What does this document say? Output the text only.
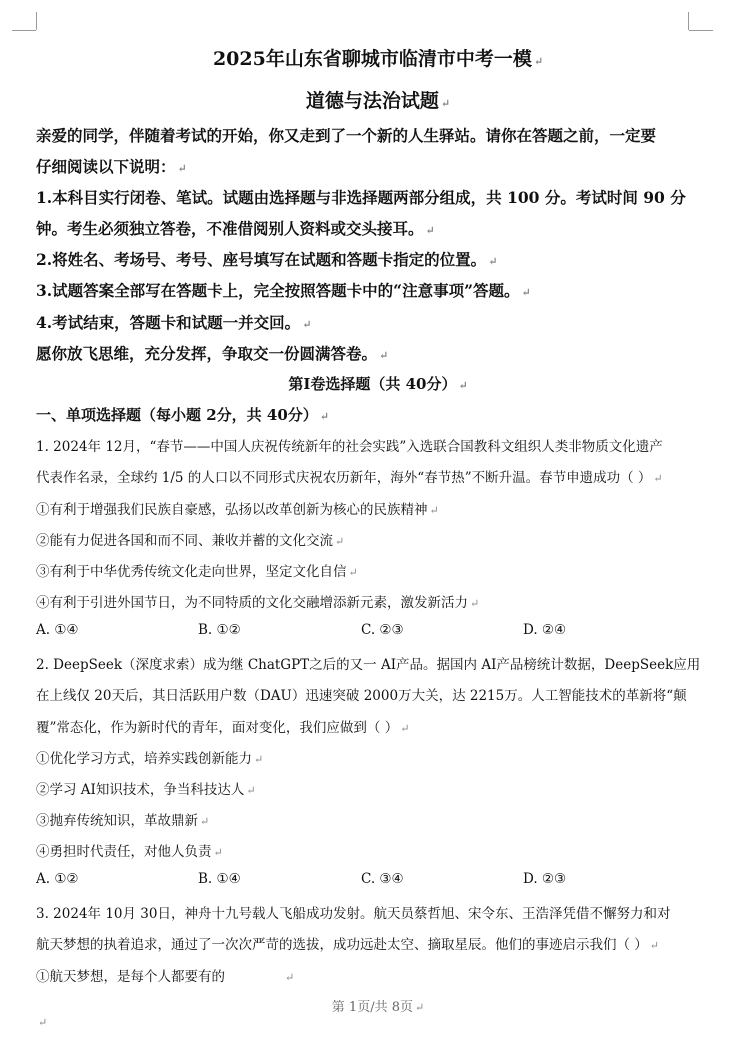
2025年山东省聊城市临清市中考一模 ↵
道德与法治试题 ↵
亲爱的同学，伴随着考试的开始，你又走到了一个新的人生驿站。请你在答题之前，一定要
仔细阅读以下说明： ↵
1.本科目实行闭卷、笔试。试题由选择题与非选择题两部分组成，共 100 分。考试时间 90 分
钟。考生必须独立答卷，不准借阅别人资料或交头接耳。 ↵
2.将姓名、考场号、考号、座号填写在试题和答题卡指定的位置。 ↵
3.试题答案全部写在答题卡上，完全按照答题卡中的“注意事项”答题。 ↵
4.考试结束，答题卡和试题一并交回。 ↵
愿你放飞思维，充分发挥，争取交一份圆满答卷。 ↵
第Ⅰ卷选择题（共 40分） ↵
一、单项选择题（每小题 2分，共 40分） ↵
1. 2024年 12月，“春节——中国人庆祝传统新年的社会实践”入选联合国教科文组织人类非物质文化遗产
代表作名录，全球约 1/5 的人口以不同形式庆祝农历新年，海外“春节热”不断升温。春节申遗成功（ ） ↵
①有利于增强我们民族自豪感，弘扬以改革创新为核心的民族精神 ↵
②能有力促进各国和而不同、兼收并蓄的文化交流 ↵
③有利于中华优秀传统文化走向世界，坚定文化自信 ↵
④有利于引进外国节日，为不同特质的文化交融增添新元素，激发新活力 ↵
A. ①④	B. ①②	C. ②③	D. ②④
2. DeepSeek（深度求索）成为继 ChatGPT之后的又一 AI产品。据国内 AI产品榜统计数据，DeepSeek应用
在上线仅 20天后，其日活跃用户数（DAU）迅速突破 2000万大关，达 2215万。人工智能技术的革新将“颠
覆”常态化，作为新时代的青年，面对变化，我们应做到（ ） ↵
①优化学习方式，培养实践创新能力 ↵
②学习 AI知识技术，争当科技达人 ↵
③抛弃传统知识，革故鼎新 ↵
④勇担时代责任，对他人负责 ↵
A. ①②	B. ①④	C. ③④	D. ②③
3. 2024年 10月 30日，神舟十九号载人飞船成功发射。航天员蔡哲旭、宋令东、王浩泽凭借不懈努力和对
航天梦想的执着追求，通过了一次次严苛的选拔，成功远赴太空、摘取星辰。他们的事迹启示我们（ ） ↵
①航天梦想，是每个人都要有的	↵
第 1页/共 8页 ↵
↵
